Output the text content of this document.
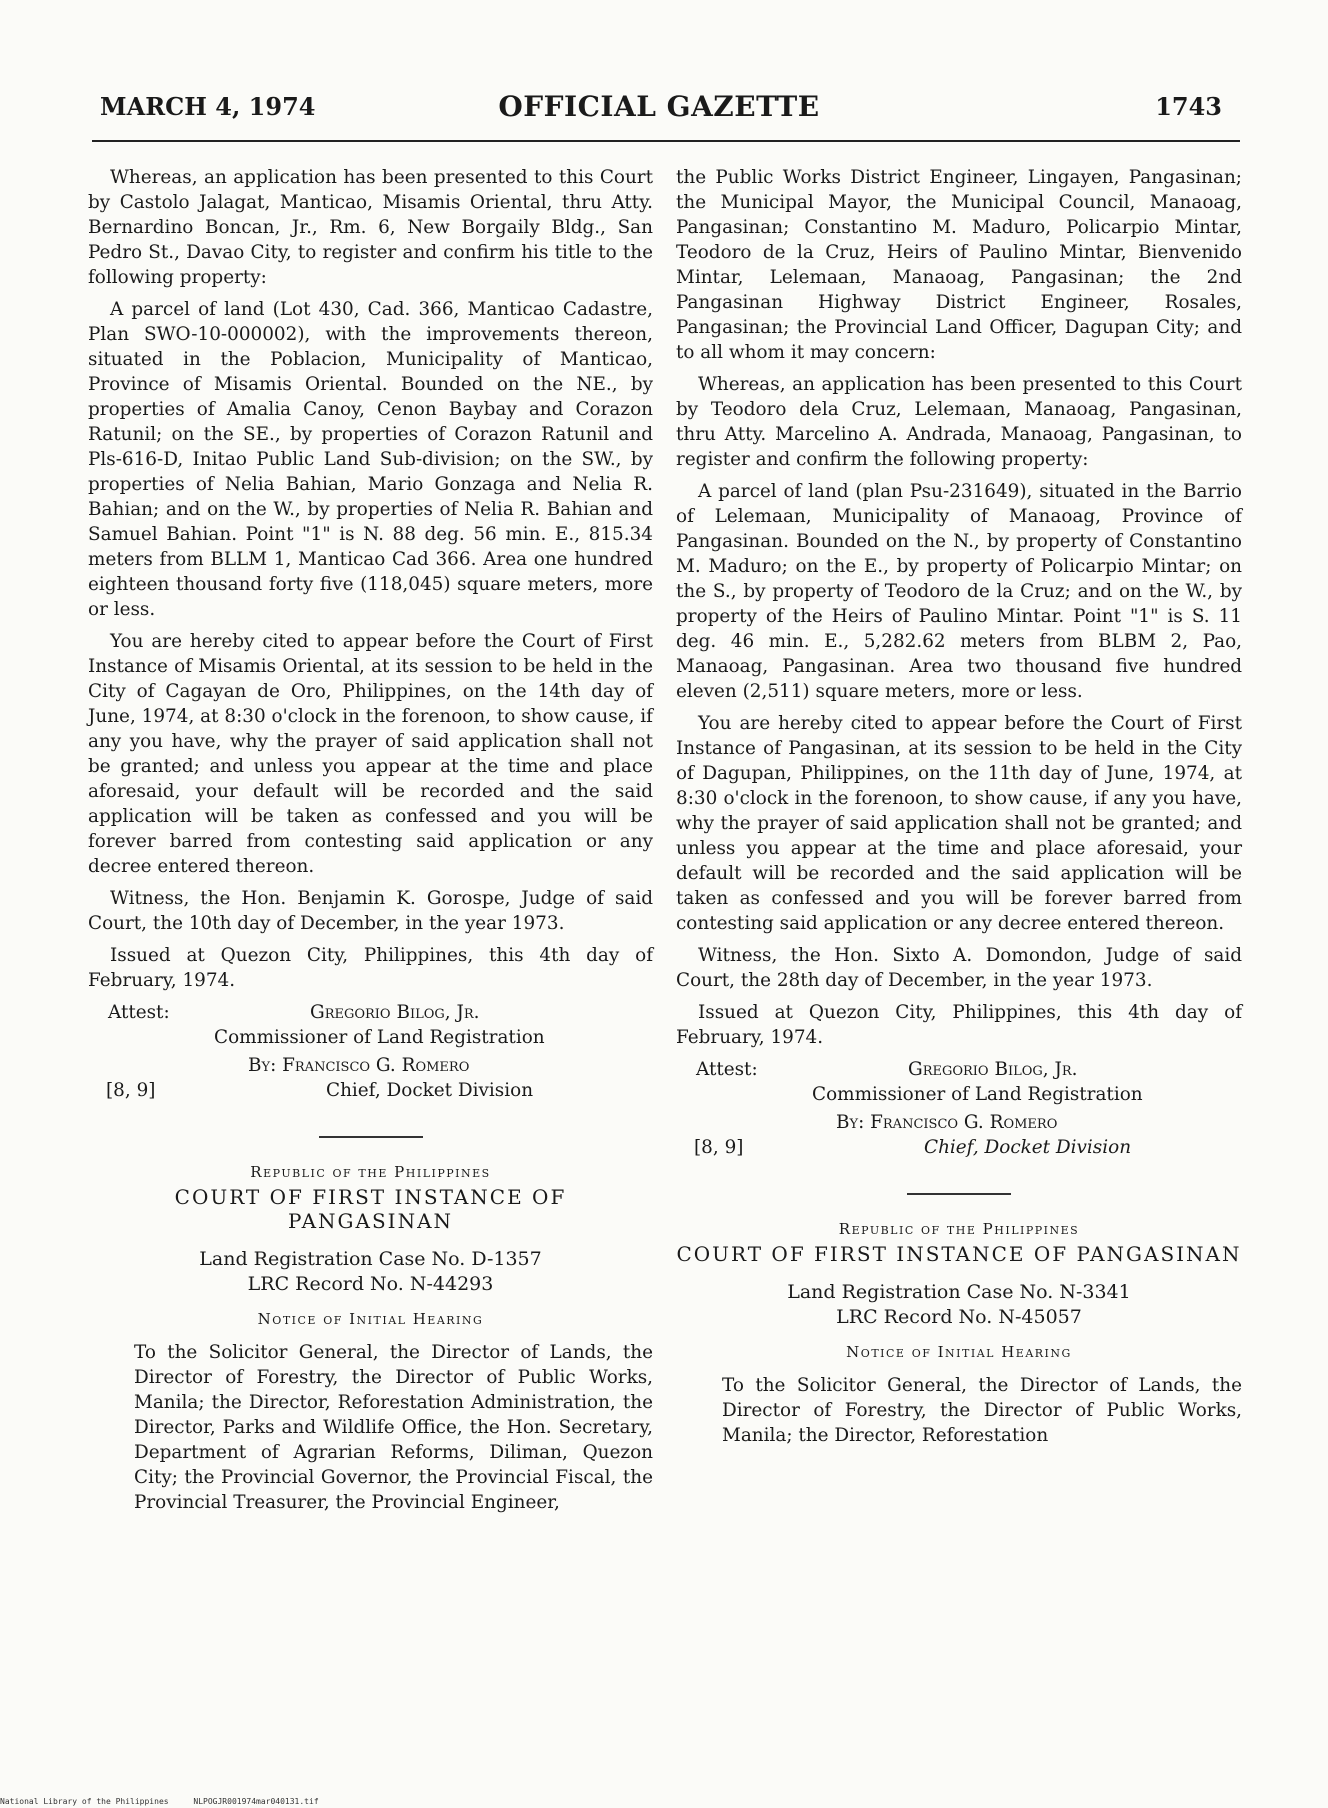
MARCH 4, 1974	OFFICIAL GAZETTE	1743

Whereas, an application has been presented to this Court by Castolo Jalagat, Manticao, Misamis Oriental, thru Atty. Bernardino Boncan, Jr., Rm. 6, New Borgaily Bldg., San Pedro St., Davao City, to register and confirm his title to the following property:

A parcel of land (Lot 430, Cad. 366, Manticao Cadastre, Plan SWO-10-000002), with the improvements thereon, situated in the Poblacion, Municipality of Manticao, Province of Misamis Oriental. Bounded on the NE., by properties of Amalia Canoy, Cenon Baybay and Corazon Ratunil; on the SE., by properties of Corazon Ratunil and Pls-616-D, Initao Public Land Sub-division; on the SW., by properties of Nelia Bahian, Mario Gonzaga and Nelia R. Bahian; and on the W., by properties of Nelia R. Bahian and Samuel Bahian. Point "1" is N. 88 deg. 56 min. E., 815.34 meters from BLLM 1, Manticao Cad 366. Area one hundred eighteen thousand forty five (118,045) square meters, more or less.

You are hereby cited to appear before the Court of First Instance of Misamis Oriental, at its session to be held in the City of Cagayan de Oro, Philippines, on the 14th day of June, 1974, at 8:30 o'clock in the forenoon, to show cause, if any you have, why the prayer of said application shall not be granted; and unless you appear at the time and place aforesaid, your default will be recorded and the said application will be taken as confessed and you will be forever barred from contesting said application or any decree entered thereon.

Witness, the Hon. Benjamin K. Gorospe, Judge of said Court, the 10th day of December, in the year 1973.

Issued at Quezon City, Philippines, this 4th day of February, 1974.

Attest:	Gregorio Bilog, Jr.
Commissioner of Land Registration
By: Francisco G. Romero
[8, 9]	Chief, Docket Division
Republic of the Philippines
COURT OF FIRST INSTANCE OF PANGASINAN
Land Registration Case No. D-1357
LRC Record No. N-44293
Notice of Initial Hearing

To the Solicitor General, the Director of Lands, the Director of Forestry, the Director of Public Works, Manila; the Director, Reforestation Administration, the Director, Parks and Wildlife Office, the Hon. Secretary, Department of Agrarian Reforms, Diliman, Quezon City; the Provincial Governor, the Provincial Fiscal, the Provincial Treasurer, the Provincial Engineer,

the Public Works District Engineer, Lingayen, Pangasinan; the Municipal Mayor, the Municipal Council, Manaoag, Pangasinan; Constantino M. Maduro, Policarpio Mintar, Teodoro de la Cruz, Heirs of Paulino Mintar, Bienvenido Mintar, Lelemaan, Manaoag, Pangasinan; the 2nd Pangasinan Highway District Engineer, Rosales, Pangasinan; the Provincial Land Officer, Dagupan City; and to all whom it may concern:

Whereas, an application has been presented to this Court by Teodoro dela Cruz, Lelemaan, Manaoag, Pangasinan, thru Atty. Marcelino A. Andrada, Manaoag, Pangasinan, to register and confirm the following property:

A parcel of land (plan Psu-231649), situated in the Barrio of Lelemaan, Municipality of Manaoag, Province of Pangasinan. Bounded on the N., by property of Constantino M. Maduro; on the E., by property of Policarpio Mintar; on the S., by property of Teodoro de la Cruz; and on the W., by property of the Heirs of Paulino Mintar. Point "1" is S. 11 deg. 46 min. E., 5,282.62 meters from BLBM 2, Pao, Manaoag, Pangasinan. Area two thousand five hundred eleven (2,511) square meters, more or less.

You are hereby cited to appear before the Court of First Instance of Pangasinan, at its session to be held in the City of Dagupan, Philippines, on the 11th day of June, 1974, at 8:30 o'clock in the forenoon, to show cause, if any you have, why the prayer of said application shall not be granted; and unless you appear at the time and place aforesaid, your default will be recorded and the said application will be taken as confessed and you will be forever barred from contesting said application or any decree entered thereon.

Witness, the Hon. Sixto A. Domondon, Judge of said Court, the 28th day of December, in the year 1973.

Issued at Quezon City, Philippines, this 4th day of February, 1974.

Attest:	Gregorio Bilog, Jr.
Commissioner of Land Registration
By: Francisco G. Romero
[8, 9]	Chief, Docket Division
Republic of the Philippines
COURT OF FIRST INSTANCE OF PANGASINAN
Land Registration Case No. N-3341
LRC Record No. N-45057
Notice of Initial Hearing

To the Solicitor General, the Director of Lands, the Director of Forestry, the Director of Public Works, Manila; the Director, Reforestation

National Library of the Philippines	NLPOGJR001974mar040131.tif
